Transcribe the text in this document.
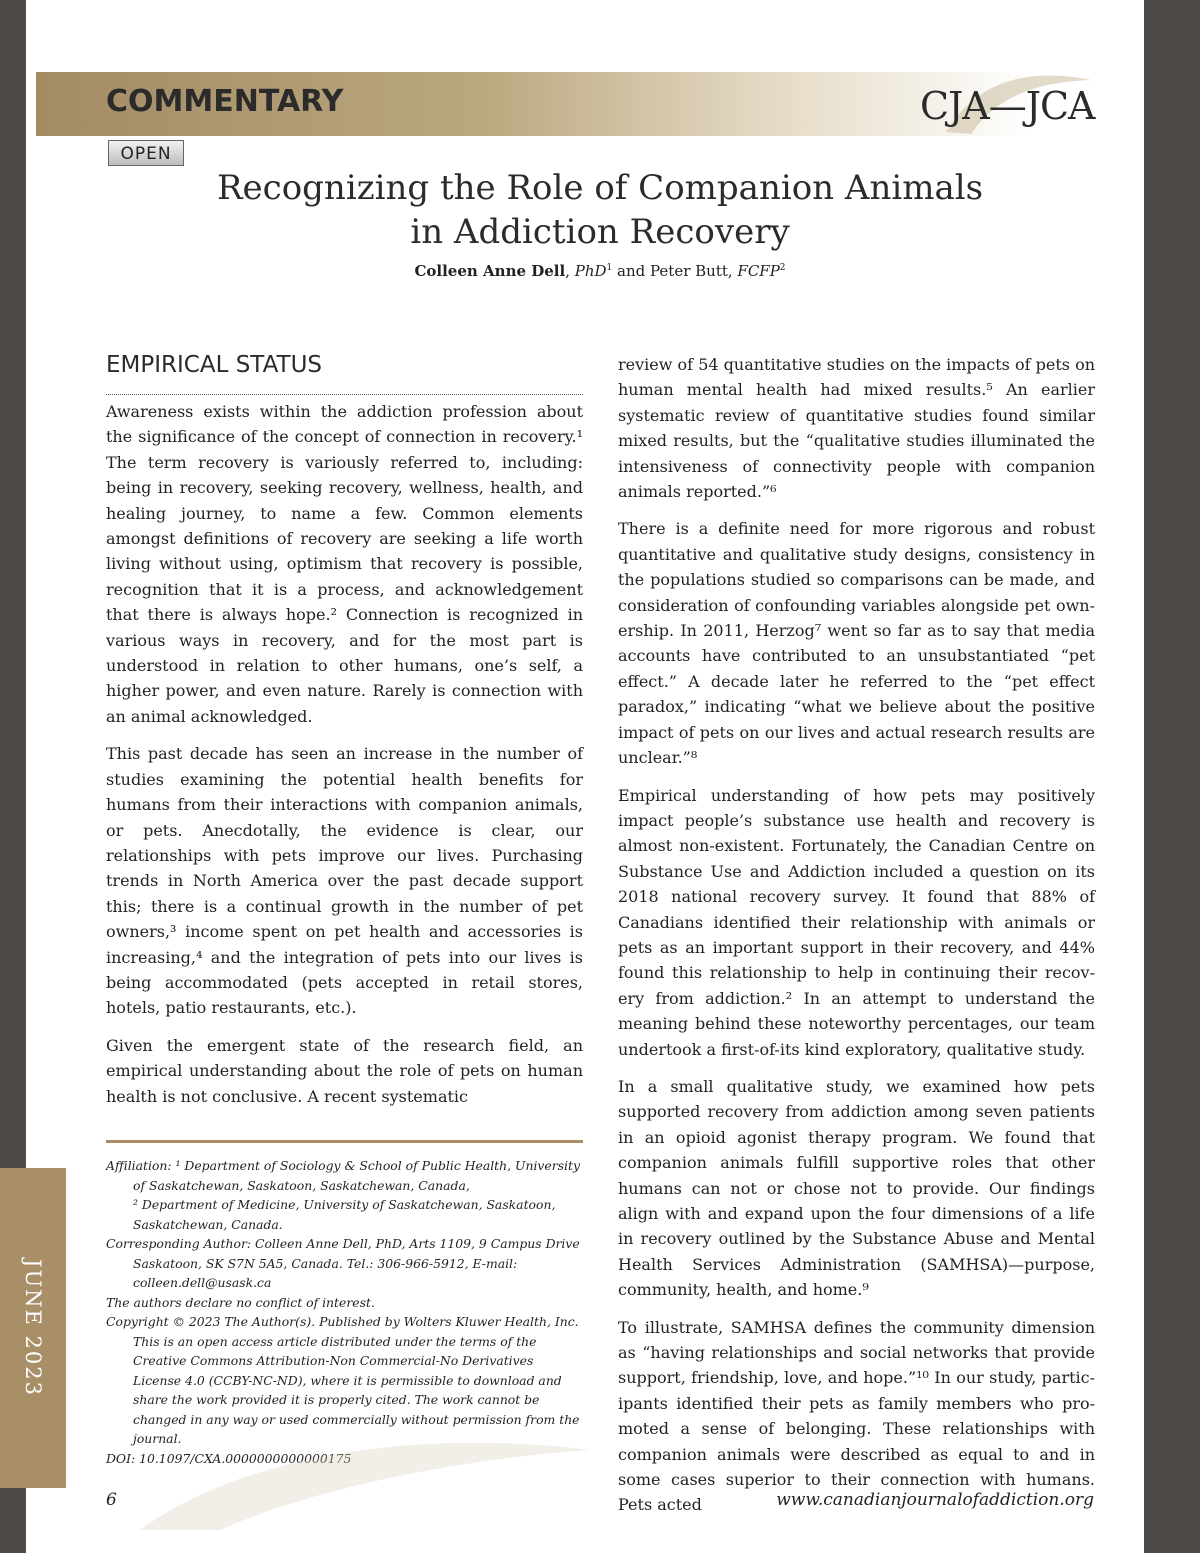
JUNE 2023
COMMENTARY	CJA—JCA
OPEN
Recognizing the Role of Companion Animals
in Addiction Recovery
Colleen Anne Dell, PhD$^1$ and Peter Butt, FCFP$^2$
EMPIRICAL STATUS

Awareness exists within the addiction profession about the significance of the concept of connection in recovery.¹ The term recovery is variously referred to, including: being in recovery, seeking recovery, wellness, health, and healing journey, to name a few. Common elements amongst definitions of recovery are seeking a life worth living without using, optimism that recovery is possible, recognition that it is a process, and acknowledgement that there is always hope.² Connection is recognized in various ways in recovery, and for the most part is understood in relation to other humans, one’s self, a higher power, and even nature. Rarely is connection with an animal acknowledged.

This past decade has seen an increase in the number of studies examining the potential health benefits for humans from their interactions with companion animals, or pets. Anecdotally, the evidence is clear, our relationships with pets improve our lives. Purchasing trends in North America over the past decade support this; there is a continual growth in the number of pet owners,³ income spent on pet health and accessories is increasing,⁴ and the integration of pets into our lives is being accommodated (pets accepted in retail stores, hotels, patio restaurants, etc.).

Given the emergent state of the research field, an empirical understanding about the role of pets on human health is not conclusive. A recent systematic

review of 54 quantitative studies on the impacts of pets on human mental health had mixed results.⁵ An earlier systematic review of quantitative studies found similar mixed results, but the “qualitative studies illuminated the intensiveness of connectivity people with companion animals reported.”⁶

There is a definite need for more rigorous and robust quantitative and qualitative study designs, consistency in the populations studied so comparisons can be made, and consideration of confounding variables alongside pet ownership. In 2011, Herzog⁷ went so far as to say that media accounts have contributed to an unsubstantiated “pet effect.” A decade later he referred to the “pet effect paradox,” indicating “what we believe about the positive impact of pets on our lives and actual research results are unclear.”⁸

Empirical understanding of how pets may positively impact people’s substance use health and recovery is almost non-existent. Fortunately, the Canadian Centre on Substance Use and Addiction included a question on its 2018 national recovery survey. It found that 88% of Canadians identified their relationship with animals or pets as an important support in their recovery, and 44% found this relationship to help in continuing their recovery from addiction.² In an attempt to understand the meaning behind these noteworthy percentages, our team undertook a first-of-its kind exploratory, qualitative study.

In a small qualitative study, we examined how pets supported recovery from addiction among seven patients in an opioid agonist therapy program. We found that companion animals fulfill supportive roles that other humans can not or chose not to provide. Our findings align with and expand upon the four dimensions of a life in recovery outlined by the Substance Abuse and Mental Health Services Administration (SAMHSA)—purpose, community, health, and home.⁹

To illustrate, SAMHSA defines the community dimension as “having relationships and social networks that provide support, friendship, love, and hope.”¹⁰ In our study, participants identified their pets as family members who promoted a sense of belonging. These relationships with companion animals were described as equal to and in some cases superior to their connection with humans. Pets acted

Affiliation: ¹ Department of Sociology & School of Public Health, University of Saskatchewan, Saskatoon, Saskatchewan, Canada,
² Department of Medicine, University of Saskatchewan, Saskatoon, Saskatchewan, Canada.
Corresponding Author: Colleen Anne Dell, PhD, Arts 1109, 9 Campus Drive Saskatoon, SK S7N 5A5, Canada. Tel.: 306-966-5912, E-mail: colleen.dell@usask.ca
The authors declare no conflict of interest.
Copyright © 2023 The Author(s). Published by Wolters Kluwer Health, Inc. This is an open access article distributed under the terms of the Creative Commons Attribution-Non Commercial-No Derivatives License 4.0 (CCBY-NC-ND), where it is permissible to download and share the work provided it is properly cited. The work cannot be changed in any way or used commercially without permission from the journal.
DOI: 10.1097/CXA.0000000000000175
6	www.canadianjournalofaddiction.org
